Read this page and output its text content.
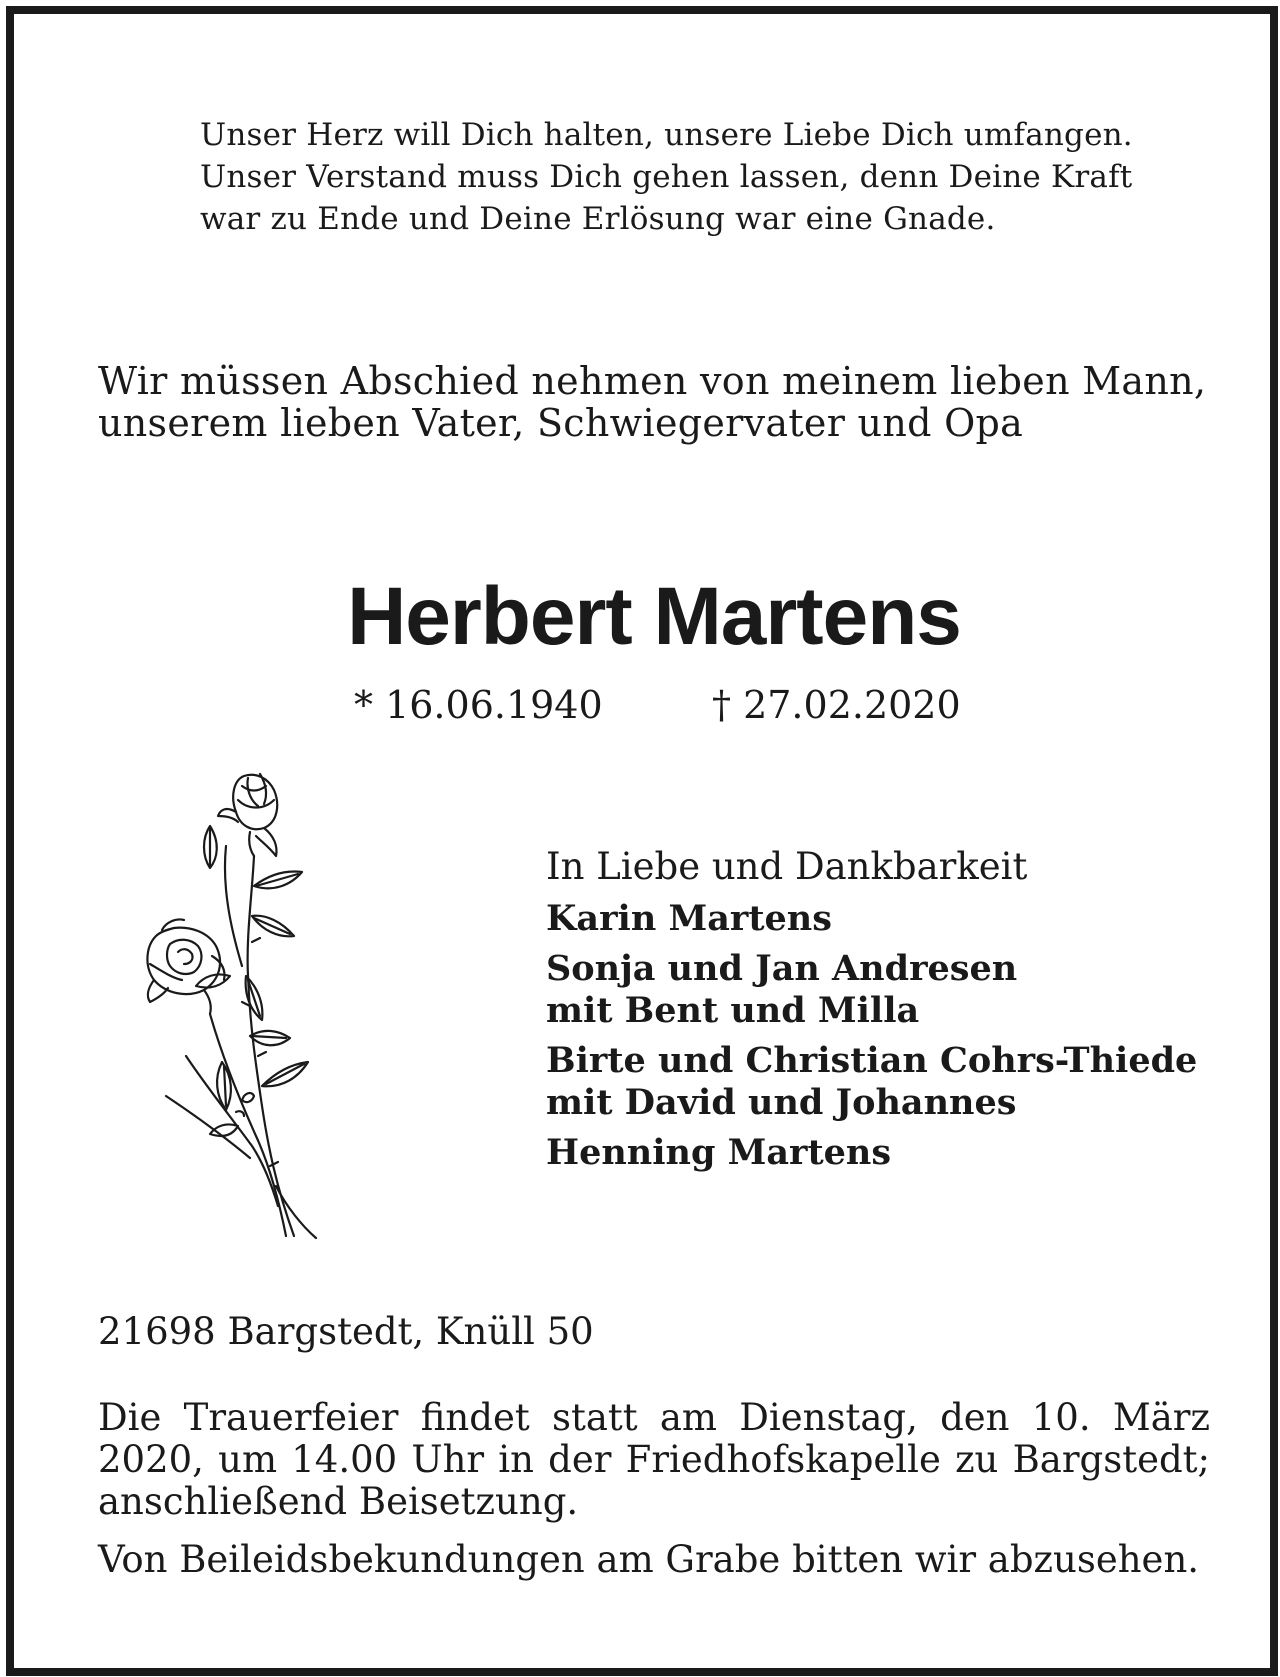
Unser Herz will Dich halten, unsere Liebe Dich umfangen.
Unser Verstand muss Dich gehen lassen, denn Deine Kraft
war zu Ende und Deine Erlösung war eine Gnade.
Wir müssen Abschied nehmen von meinem lieben Mann,
unserem lieben Vater, Schwiegervater und Opa
Herbert Martens
* 16.06.1940	† 27.02.2020
In Liebe und Dankbarkeit
Karin Martens
Sonja und Jan Andresen
mit Bent und Milla
Birte und Christian Cohrs-Thiede
mit David und Johannes
Henning Martens
21698 Bargstedt, Knüll 50
Die Trauerfeier findet statt am Dienstag, den 10. März
2020, um 14.00 Uhr in der Friedhofskapelle zu Bargstedt;
anschließend Beisetzung.
Von Beileidsbekundungen am Grabe bitten wir abzusehen.
